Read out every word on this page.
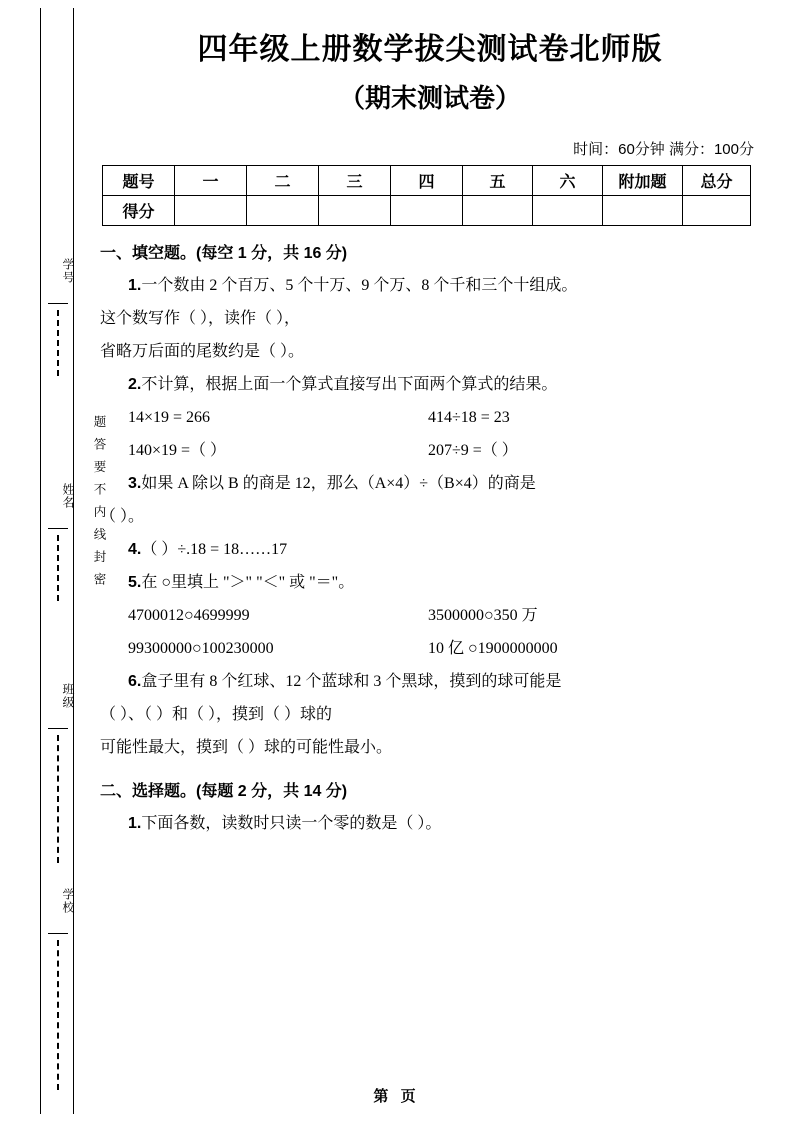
学号
姓名
班级
学校
题答要不内线封密
四年级上册数学拔尖测试卷北师版
（期末测试卷）
时间：60分钟 满分：100分
题号	一	二	三	四	五	六	附加题	总分
得分								
一、填空题。(每空 1 分，共 16 分)
1.一个数由 2 个百万、5 个十万、9 个万、8 个千和三个十组成。
这个数写作（ ），读作（ ），
省略万后面的尾数约是（ ）。
2.不计算，根据上面一个算式直接写出下面两个算式的结果。
14×19 = 266	414÷18 = 23
140×19 =（ ）	207÷9 =（ ）
3.如果 A 除以 B 的商是 12，那么（A×4）÷（B×4）的商是
（ ）。
4.（ ）÷.18 = 18……17
5.在 ○里填上 "＞" "＜" 或 "＝"。
4700012○4699999	3500000○350 万
99300000○100230000	10 亿 ○1900000000
6.盒子里有 8 个红球、12 个蓝球和 3 个黑球，摸到的球可能是
（ ）、（ ）和（ ），摸到（ ）球的
可能性最大，摸到（ ）球的可能性最小。
二、选择题。(每题 2 分，共 14 分)
1.下面各数，读数时只读一个零的数是（ ）。
第 页
